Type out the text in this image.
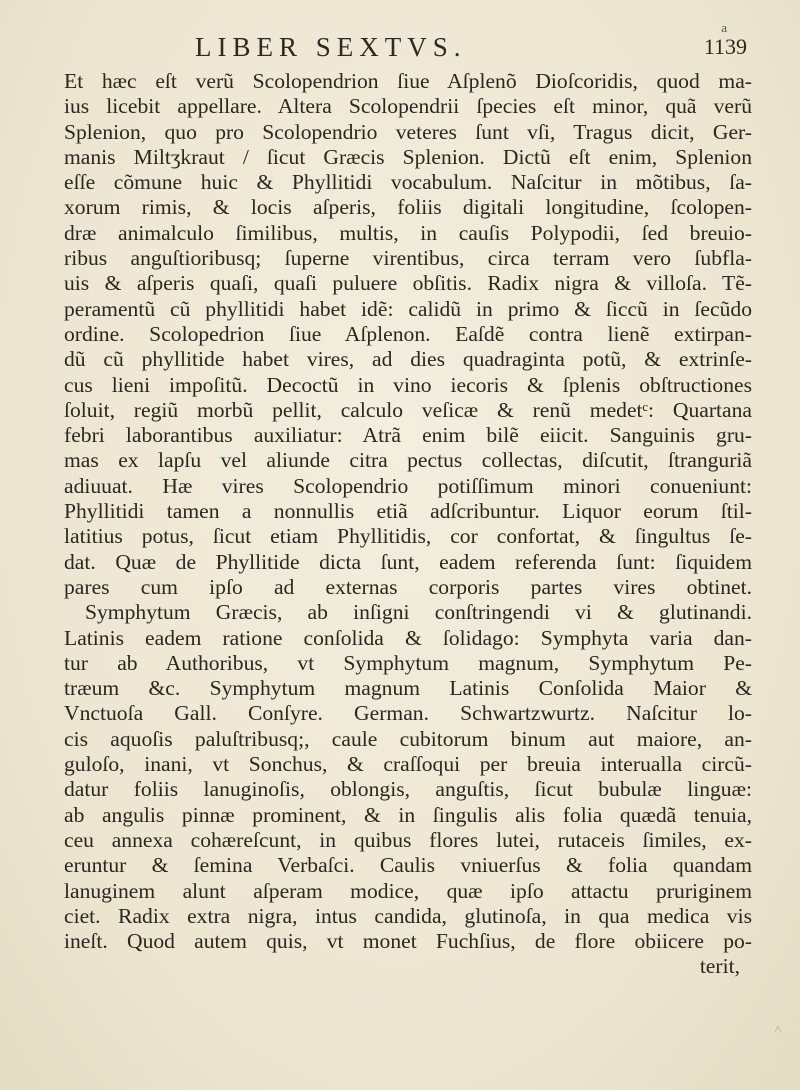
LIBER SEXTVS.
a
1139
Et hæc eſt verũ Scolopendrion ſiue Aſplenõ Dioſcoridis, quod ma-
ius licebit appellare. Altera Scolopendrii ſpecies eſt minor, quã verũ
Splenion, quo pro Scolopendrio veteres ſunt vſi, Tragus dicit, Ger-
manis Miltʒkraut / ſicut Græcis Splenion. Dictũ eſt enim, Splenion
eſſe cõmune huic & Phyllitidi vocabulum. Naſcitur in mõtibus, ſa-
xorum rimis, & locis aſperis, foliis digitali longitudine, ſcolopen-
dræ animalculo ſimilibus, multis, in cauſis Polypodii, ſed breuio-
ribus anguſtioribusq; ſuperne virentibus, circa terram vero ſubfla-
uis & aſperis quaſi, quaſi puluere obſitis. Radix nigra & villoſa. Tẽ-
peramentũ cũ phyllitidi habet idẽ: calidũ in primo & ſiccũ in ſecũdo
ordine. Scolopedrion ſiue Aſplenon. Eaſdẽ contra lienẽ extirpan-
dũ cũ phyllitide habet vires, ad dies quadraginta potũ, & extrinſe-
cus lieni impoſitũ. Decoctũ in vino iecoris & ſplenis obſtructiones
ſoluit, regiũ morbũ pellit, calculo veſicæ & renũ medetᶜ: Quartana
febri laborantibus auxiliatur: Atrã enim bilẽ eiicit. Sanguinis gru-
mas ex lapſu vel aliunde citra pectus collectas, diſcutit, ſtranguriã
adiuuat. Hæ vires Scolopendrio potiſſimum minori conueniunt:
Phyllitidi tamen a nonnullis etiã adſcribuntur. Liquor eorum ſtil-
latitius potus, ſicut etiam Phyllitidis, cor confortat, & ſingultus ſe-
dat. Quæ de Phyllitide dicta ſunt, eadem referenda ſunt: ſiquidem
pares cum ipſo ad externas corporis partes vires obtinet.
Symphytum Græcis, ab inſigni conſtringendi vi & glutinandi.
Latinis eadem ratione conſolida & ſolidago: Symphyta varia dan-
tur ab Authoribus, vt Symphytum magnum, Symphytum Pe-
træum &c. Symphytum magnum Latinis Conſolida Maior &
Vnctuoſa Gall. Conſyre. German. Schwartzwurtz. Naſcitur lo-
cis aquoſis paluſtribusq;, caule cubitorum binum aut maiore, an-
guloſo, inani, vt Sonchus, & craſſoqui per breuia interualla circũ-
datur foliis lanuginoſis, oblongis, anguſtis, ſicut bubulæ linguæ:
ab angulis pinnæ prominent, & in ſingulis alis folia quædã tenuia,
ceu annexa cohæreſcunt, in quibus flores lutei, rutaceis ſimiles, ex-
eruntur & ſemina Verbaſci. Caulis vniuerſus & folia quandam
lanuginem alunt aſperam modice, quæ ipſo attactu pruriginem
ciet. Radix extra nigra, intus candida, glutinoſa, in qua medica vis
ineſt. Quod autem quis, vt monet Fuchſius, de flore obiicere po-
terit,
˄
